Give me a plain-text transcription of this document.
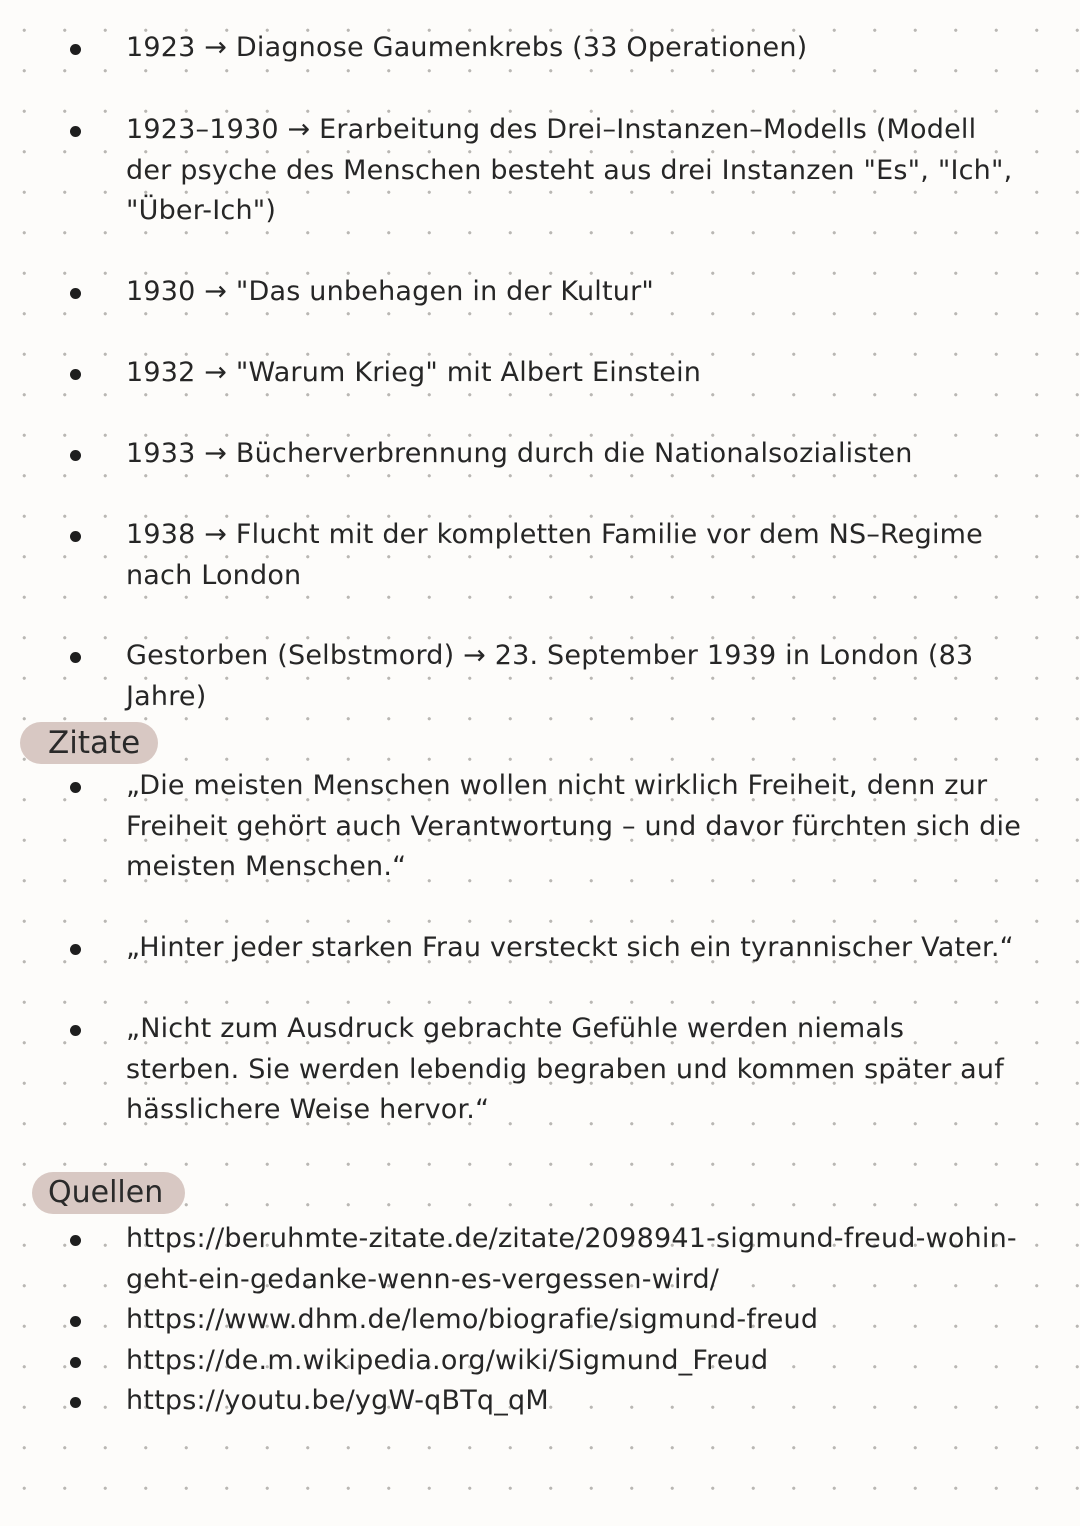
1923 → Diagnose Gaumenkrebs (33 Operationen)
1923–1930 → Erarbeitung des Drei–Instanzen–Modells (Modell der psyche des Menschen besteht aus drei Instanzen "Es", "Ich", "Über-Ich")
1930 → "Das unbehagen in der Kultur"
1932 → "Warum Krieg" mit Albert Einstein
1933 → Bücherverbrennung durch die Nationalsozialisten
1938 → Flucht mit der kompletten Familie vor dem NS–Regime nach London
Gestorben (Selbstmord) → 23. September 1939 in London (83 Jahre)
Zitate
„Die meisten Menschen wollen nicht wirklich Freiheit, denn zur Freiheit gehört auch Verantwortung – und davor fürchten sich die meisten Menschen.“
„Hinter jeder starken Frau versteckt sich ein tyrannischer Vater.“
„Nicht zum Ausdruck gebrachte Gefühle werden niemals sterben. Sie werden lebendig begraben und kommen später auf hässlichere Weise hervor.“
Quellen
https://beruhmte-zitate.de/zitate/2098941-sigmund-freud-wohin-geht-ein-gedanke-wenn-es-vergessen-wird/
https://www.dhm.de/lemo/biografie/sigmund-freud
https://de.m.wikipedia.org/wiki/Sigmund_Freud
https://youtu.be/ygW-qBTq_qM
